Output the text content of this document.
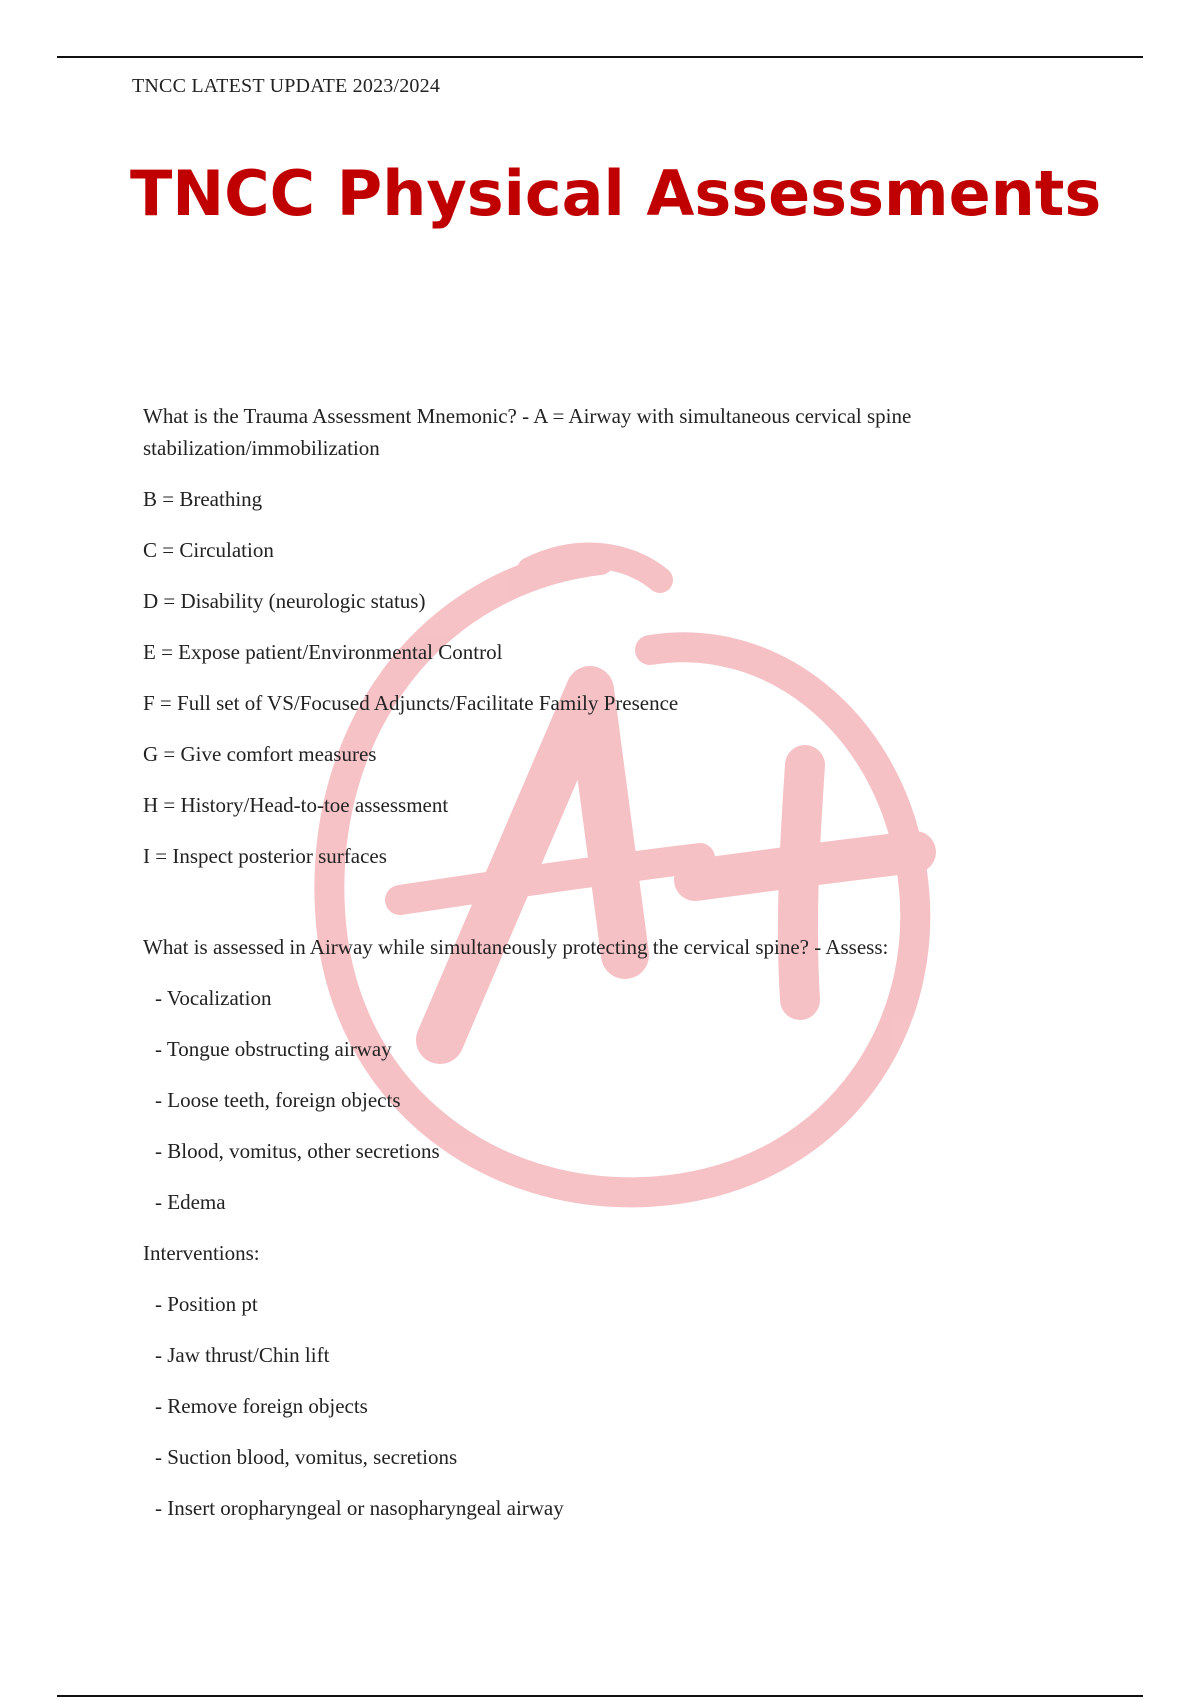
TNCC LATEST UPDATE 2023/2024

TNCC Physical Assessments

What is the Trauma Assessment Mnemonic? - A = Airway with simultaneous cervical spine stabilization/immobilization

B = Breathing

C = Circulation

D = Disability (neurologic status)

E = Expose patient/Environmental Control

F = Full set of VS/Focused Adjuncts/Facilitate Family Presence

G = Give comfort measures

H = History/Head-to-toe assessment

I = Inspect posterior surfaces

What is assessed in Airway while simultaneously protecting the cervical spine? - Assess:

- Vocalization

- Tongue obstructing airway

- Loose teeth, foreign objects

- Blood, vomitus, other secretions

- Edema

Interventions:

- Position pt

- Jaw thrust/Chin lift

- Remove foreign objects

- Suction blood, vomitus, secretions

- Insert oropharyngeal or nasopharyngeal airway
